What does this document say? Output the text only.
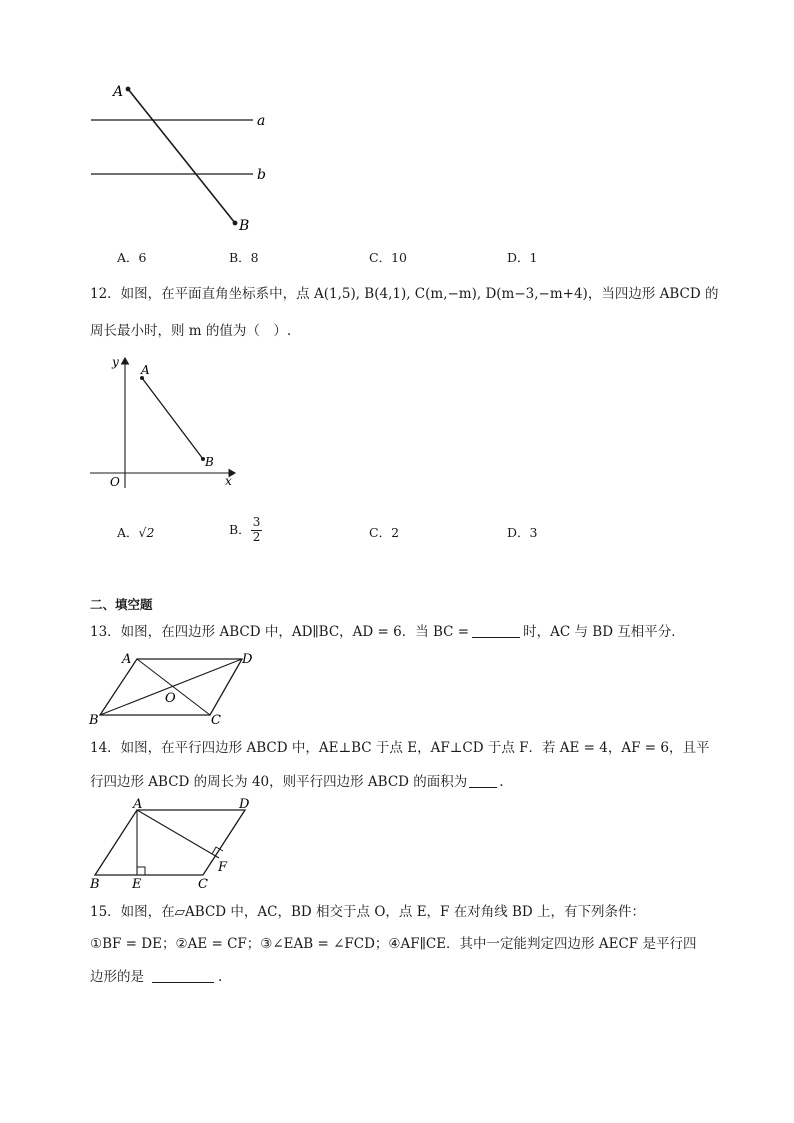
A
B
a
b
A．6	B．8	C．10	D．1
12．如图，在平面直角坐标系中，点 A(1,5), B(4,1), C(m,−m), D(m−3,−m+4)，当四边形 ABCD 的
周长最小时，则 m 的值为（　）.
y
x
O
A
B
A．√2	B． $\frac{3}{2}$	C．2	D．3
二、填空题
13．如图，在四边形 ABCD 中，AD∥BC，AD = 6．当 BC =	时，AC 与 BD 互相平分．
A	D
B	C
O
14．如图，在平行四边形 ABCD 中，AE⊥BC 于点 E，AF⊥CD 于点 F．若 AE = 4，AF = 6，且平
行四边形 ABCD 的周长为 40，则平行四边形 ABCD 的面积为 .
A	D
B E	C
F
15．如图，在▱ABCD 中，AC，BD 相交于点 O，点 E，F 在对角线 BD 上，有下列条件：
①BF = DE；②AE = CF；③∠EAB = ∠FCD；④AF∥CE．其中一定能判定四边形 AECF 是平行四
边形的是	.
